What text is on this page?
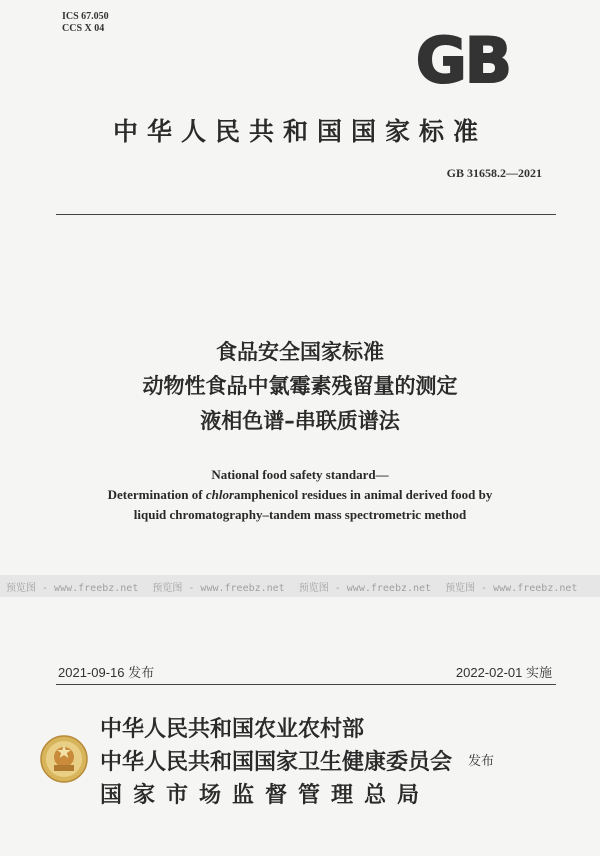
ICS 67.050
CCS X 04	GB
中华人民共和国国家标准
GB 31658.2—2021
食品安全国家标准
动物性食品中氯霉素残留量的测定
液相色谱–串联质谱法
National food safety standard—
Determination of chloramphenicol residues in animal derived food by
liquid chromatography–tandem mass spectrometric method
预览图 - www.freebz.net	预览图 - www.freebz.net	预览图 - www.freebz.net	预览图 - www.freebz.net
2021-09-16 发布	2022-02-01 实施
中华人民共和国农业农村部
中华人民共和国国家卫生健康委员会
国家市场监督管理总局
发布
